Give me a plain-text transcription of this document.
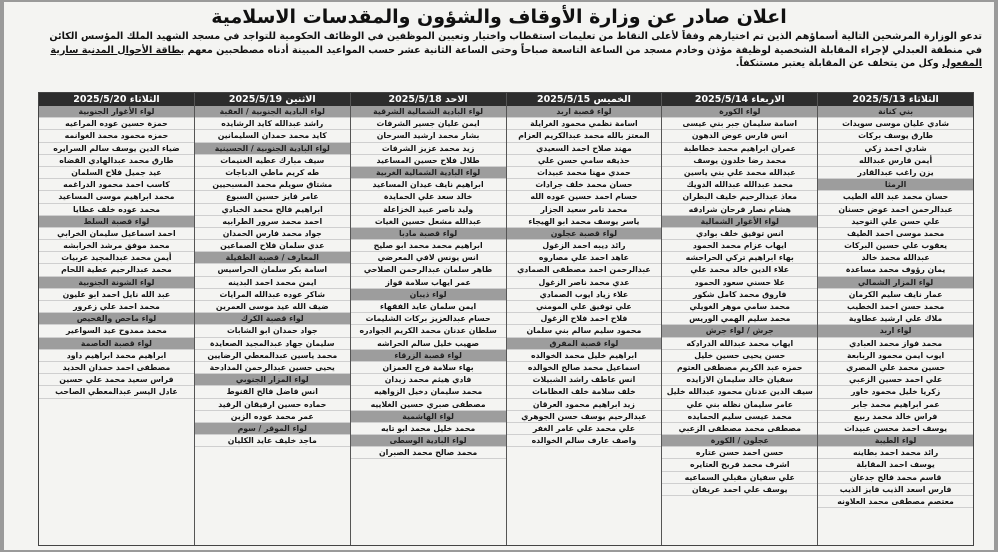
اعلان صادر عن وزارة الأوقاف والشؤون والمقدسات الاسلامية
تدعو الوزارة المرشحين التالية أسماؤهم الذين تم اختيارهم وفقاً لأعلى النقاط من تعليمات استقطاب واختيار وتعيين الموظفين في الوظائف الحكومية للتواجد في مسجد الشهيد الملك المؤسس الكائن في منطقة العبدلي لإجراء المقابلة الشخصية لوظيفة مؤذن وخادم مسجد من الساعة التاسعة صباحاً وحتى الساعة الثانية عشر حسب المواعيد المبينة أدناه مصطحبين معهم بطاقة الأحوال المدنية سارية المفعول وكل من يتخلف عن المقابلة يعتبر مستنكفاً.
الثلاثاء 2025/5/13
بني كنانة
شادي عليان موسى سويدات
طارق يوسف بركات
شادي احمد زكي
أيمن فارس عبدالله
يزن راغب عبدالقادر
الرمثا
حسان محمد عبد الله الطيب
عبدالرحمن احمد عوض حسنان
علي حسن علي التوحيد
محمد موسى احمد الطيف
يعقوب علي حسين البركات
عبدالله محمد خالد
يمان رؤوف محمد مساعدة
لواء المزار الشمالي
عمار نايف سليم الكرمان
محمد حسن احمد الخطيب
ملاك علي ارشيد عطاوية
لواء اربد
محمد فواز محمد العبادي
ايوب ايمن محمود الربابعة
حسين محمد علي المصري
علي احمد حسين الزعبي
زكريا خليل محمود خاور
عمر ابراهيم محمد جابر
فراس خالد محمد ربيع
يوسف احمد محسن عبيدات
لواء الطيبة
رائد محمد احمد بطاينه
يوسف احمد المقابلة
قاسم محمد فالح جدعان
فارس اسعد الذيب فايز الذيب
معتصم مصطفى محمد العلاونه
الاربعاء 2025/5/14
لواء الكورة
اسامة سليمان جبر بني عيسى
انس فارس عوض الدهون
عمران ابراهيم محمد خطاطبة
محمد رضا خلدون يوسف
عبدالله محمد علي بني ياسين
محمد عبدالله عبدالله الدويك
معاذ عبدالرحيم خليف البطران
هشام نصار فرحان شرادقه
لواء الأغوار الشمالية
انس توفيق خلف بوادي
ايهاب عزام محمد الحمود
بهاء ابراهيم تركي الحراحشه
علاء الدين خالد محمد علي
علا حسني سعود الحمود
فاروق محمد كامل شكور
محمد سامي موهر الغويلي
محمد سليم الهمي الوريس
جرش / لواء جرش
ايهاب محمد عبدالله الدرادكه
حسن يحيى حسين خليل
حمزه عبد الكريم مصطفى العتوم
سفيان خالد سليمان الازايده
سيف الدين عدنان محمود عبدالله خليل
عامر سليمان نظله بني علي
محمد عيسى سليم الحمايده
مصطفى محمد مصطفى الزعبي
عجلون / الكورة
حسن احمد حسن عتاره
اشرف محمد فريح العتايره
علي سفيان مقبلي السماعيه
يوسف علي احمد عريفان
الخميس 2025/5/15
لواء قصبة اربد
اسامة نظمي محمود الغرايلة
المعتز بالله محمد عبدالكريم العزام
مهند صلاح احمد السعيدي
حذيفه سامي حسن علي
حمدي مهنا محمد عبيدات
حسان محمد خلف جرادات
حسام احمد حسين عوده الله
محمد تامر سعيد الجزار
ياسر يوسف محمد ابو الهيجاء
لواء قصبة عجلون
رائد ديبه احمد الزغول
عاهد احمد علي مصاروه
عبدالرحمن احمد مصطفى الصمادي
عدي محمد ناصر الزغول
علاء زياد ايوب الصمادي
علي توفيق علي المومني
فلاح احمد فلاح الزغول
محمود سليم سالم بني سلمان
لواء قصبة المفرق
ابراهيم خليل محمد الخوالده
اسماعيل محمد صالح الخوالده
انس عاطف راشد الشبيلات
خلف سلامة خلف العظامات
زيد ابراهيم محمود العرقان
عبدالرحيم يوسف حسن الجوهري
علي محمد علي عامر الغفر
واصف عارف سالم الخوالده
الاحد 2025/5/18
لواء البادية الشمالية الشرقية
ايمن عليان جسير الشرفات
بشار محمد ارشيد السرحان
زيد محمد عزيز الشرفات
طلال فلاح حسين المساعيد
لواء البادية الشمالية الغربية
ابراهيم نايف عيدان المساعيد
خالد سعد علي الحمايدة
وليد ناصر عبيد الخزاعلة
عبدالله مشعل حسين الغيات
لواء قصبة مادبا
ابراهيم محمد محمد ابو صليح
انس يونس لافي المعرضي
طاهر سلمان عبدالرحمن الصلاحي
عمر ايهاب سلامة فواز
لواء ذيبان
ايمن سلمان عايد الفقهاء
حسام عبدالعزيز بركات الشليمات
سلطان عدنان محمد الكريم الجوادره
صهيب خليل سالم الحراشه
لواء قصبة الزرقاء
بهاء سلامة فرج العمزان
فادي هيثم محمد زيدان
محمد سليمان دخيل الزواهيه
مصطفى صبري حسين الغلاييه
لواء الهاشمية
محمد خليل محمد ابو تايه
لواء البادية الوسطى
محمد صالح محمد الصبران
الاثنين 2025/5/19
لواء البادية الجنوبية / العقبة
راشد عبدالله كايد الرشايده
كايد محمد حمدان السليمانين
لواء البادية الجنوبية / الحسينية
سيف مبارك عطيه الغنيمات
طه كريم ماطي الدباجات
مشتاق سويلم محمد المسبحيين
عامر فايز حسين السبوع
ابراهيم فالح محمد الخبادي
احمد محمد سرور الطرابيه
جواد محمد فارس الحمدان
عدي سلمان فلاح الصماعين
المعارف / قصبة الطفيلة
اسامة بكر سلمان الحراسيس
ايمن محمد احمد البدينه
شاكر عوده عبدالله المرايات
ضيف الله عيد موسى العمرين
لواء قصبة الكرك
جواد حمدان ابو الشابات
سليمان جهاد عبدالمجيد الصعايدة
محمد ياسين عبدالمعطي الرضايين
يحيى حسين عبدالرحمن المدادحة
لواء المزار الجنوبي
انس فاضل فالح القنوط
حماده حسين ارفيقان الرفيد
عمر محمد عوده الزين
لواء الموقر / سوم
ماجد خليف عايد الكليان
الثلاثاء 2025/5/20
لواء الأغوار الجنوبية
حمزة حسين عوده المراعيه
حمزه محمود محمد الغوانمه
ضياء الدين يوسف سالم السرايره
طارق محمد عبدالهادي القضاه
عيد جميل فلاح السلمان
كاسب احمد محمود الدراغمه
محمد ابراهيم موسى المساعيد
محمد عوده خلف عطايا
لواء قصبة السلط
احمد اسماعيل سليمان الخرابي
محمد موفق مرشد الخرابشه
أيمن محمد عبدالمجيد عربيات
محمد عبدالرحيم عطية اللحام
لواء الشونة الجنوبية
عبد الله نايل احمد ابو عليون
محمد احمد علي زعرور
لواء ماحص والفحيص
محمد ممدوح عيد السواعير
لواء قصبة العاصمة
ابراهيم محمد ابراهيم داود
مصطفى احمد حمدان الحديد
فراس سعيد محمد علي حسين
عادل اليسر عبدالمعطي الصاحب
